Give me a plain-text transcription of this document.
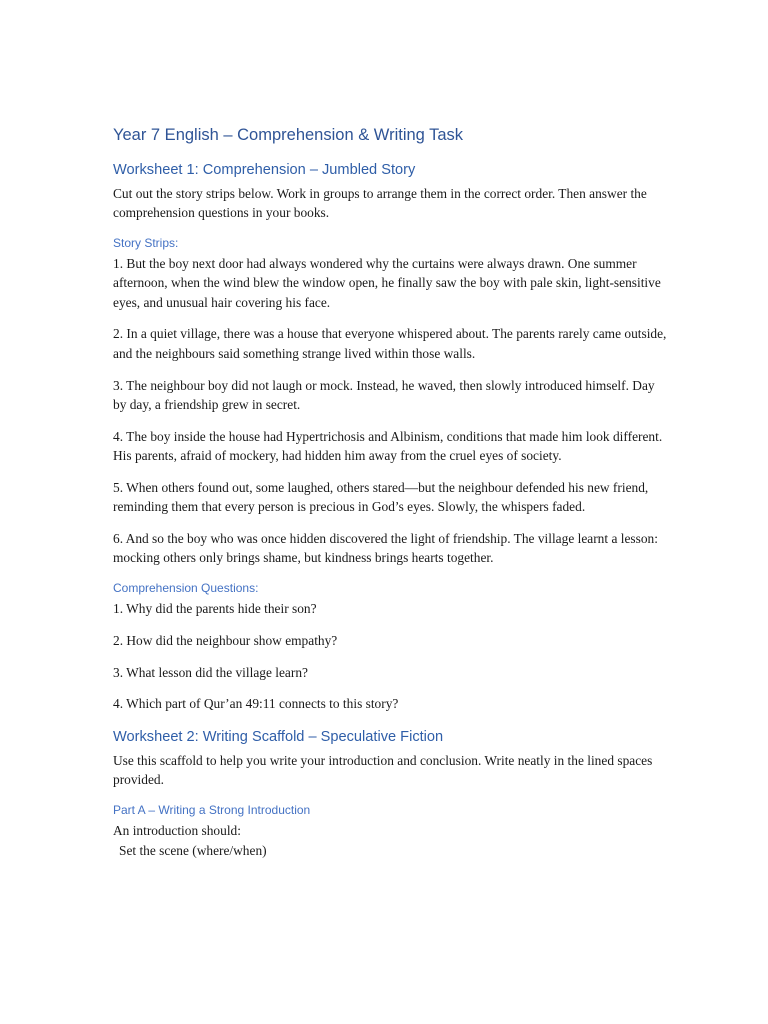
Year 7 English – Comprehension & Writing Task
Worksheet 1: Comprehension – Jumbled Story

Cut out the story strips below. Work in groups to arrange them in the correct order. Then answer the comprehension questions in your books.

Story Strips:

1. But the boy next door had always wondered why the curtains were always drawn. One summer afternoon, when the wind blew the window open, he finally saw the boy with pale skin, light-sensitive eyes, and unusual hair covering his face.

2. In a quiet village, there was a house that everyone whispered about. The parents rarely came outside, and the neighbours said something strange lived within those walls.

3. The neighbour boy did not laugh or mock. Instead, he waved, then slowly introduced himself. Day by day, a friendship grew in secret.

4. The boy inside the house had Hypertrichosis and Albinism, conditions that made him look different. His parents, afraid of mockery, had hidden him away from the cruel eyes of society.

5. When others found out, some laughed, others stared—but the neighbour defended his new friend, reminding them that every person is precious in God’s eyes. Slowly, the whispers faded.

6. And so the boy who was once hidden discovered the light of friendship. The village learnt a lesson: mocking others only brings shame, but kindness brings hearts together.

Comprehension Questions:

1. Why did the parents hide their son?

2. How did the neighbour show empathy?

3. What lesson did the village learn?

4. Which part of Qur’an 49:11 connects to this story?

Worksheet 2: Writing Scaffold – Speculative Fiction

Use this scaffold to help you write your introduction and conclusion. Write neatly in the lined spaces provided.

Part A – Writing a Strong Introduction

An introduction should:

Set the scene (where/when)
